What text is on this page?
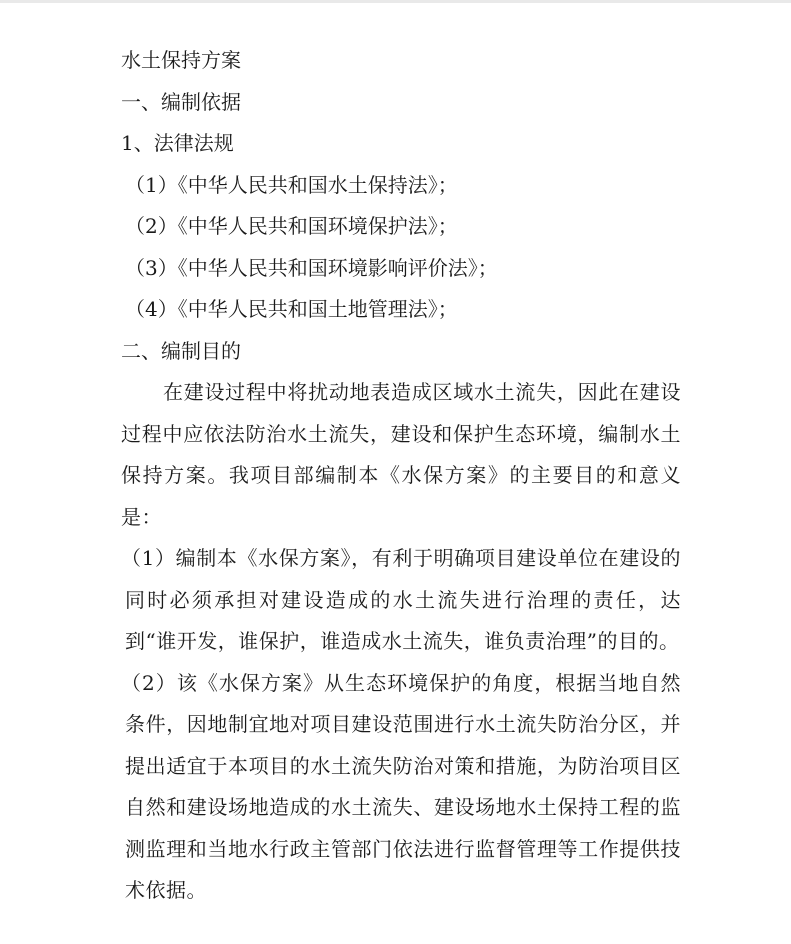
水土保持方案

一、编制依据

1、法律法规

（1）《中华人民共和国水土保持法》；

（2）《中华人民共和国环境保护法》；

（3）《中华人民共和国环境影响评价法》；

（4）《中华人民共和国土地管理法》；

二、编制目的

在建设过程中将扰动地表造成区域水土流失，因此在建设过程中应依法防治水土流失，建设和保护生态环境，编制水土保持方案。我项目部编制本《水保方案》的主要目的和意义是：

（1）编制本《水保方案》，有利于明确项目建设单位在建设的同时必须承担对建设造成的水土流失进行治理的责任，达到“谁开发，谁保护，谁造成水土流失，谁负责治理”的目的。

（2）该《水保方案》从生态环境保护的角度，根据当地自然条件，因地制宜地对项目建设范围进行水土流失防治分区，并提出适宜于本项目的水土流失防治对策和措施，为防治项目区自然和建设场地造成的水土流失、建设场地水土保持工程的监测监理和当地水行政主管部门依法进行监督管理等工作提供技术依据。
